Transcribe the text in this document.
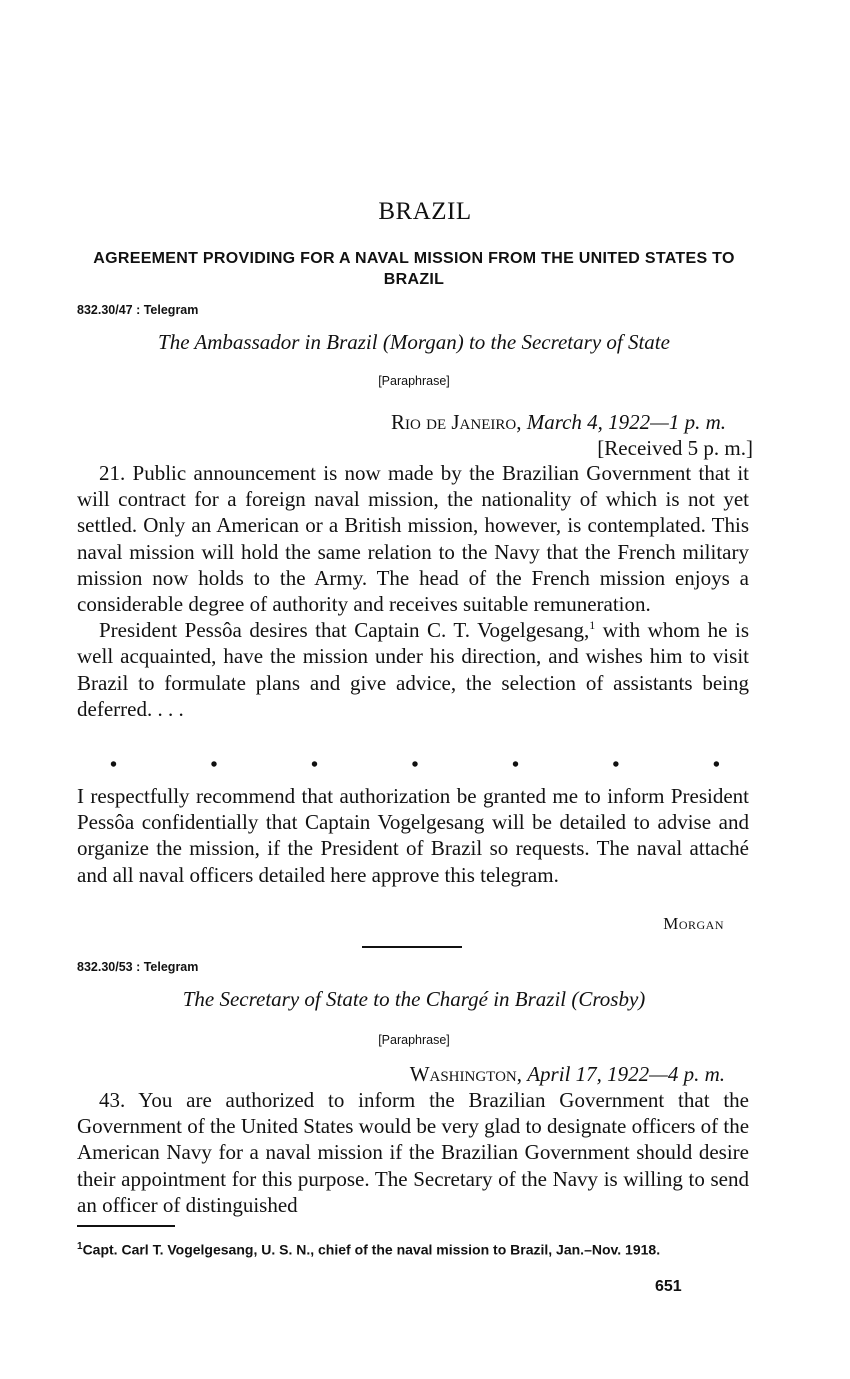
BRAZIL
AGREEMENT PROVIDING FOR A NAVAL MISSION FROM THE UNITED STATES TO BRAZIL
832.30/47 : Telegram
The Ambassador in Brazil (Morgan) to the Secretary of State
[Paraphrase]
Rio de Janeiro, March 4, 1922—1 p. m.
[Received 5 p. m.]

21. Public announcement is now made by the Brazilian Government that it will contract for a foreign naval mission, the nationality of which is not yet settled. Only an American or a British mission, however, is contemplated. This naval mission will hold the same relation to the Navy that the French military mission now holds to the Army. The head of the French mission enjoys a considerable degree of authority and receives suitable remuneration.

President Pessôa desires that Captain C. T. Vogelgesang,$^1$ with whom he is well acquainted, have the mission under his direction, and wishes him to visit Brazil to formulate plans and give advice, the selection of assistants being deferred. . . .

•	•	•	•	•	•	•

I respectfully recommend that authorization be granted me to inform President Pessôa confidentially that Captain Vogelgesang will be detailed to advise and organize the mission, if the President of Brazil so requests. The naval attaché and all naval officers detailed here approve this telegram.

Morgan
832.30/53 : Telegram
The Secretary of State to the Chargé in Brazil (Crosby)
[Paraphrase]
Washington, April 17, 1922—4 p. m.

43. You are authorized to inform the Brazilian Government that the Government of the United States would be very glad to designate officers of the American Navy for a naval mission if the Brazilian Government should desire their appointment for this purpose. The Secretary of the Navy is willing to send an officer of distinguished

$^1$Capt. Carl T. Vogelgesang, U. S. N., chief of the naval mission to Brazil, Jan.–Nov. 1918.
651
